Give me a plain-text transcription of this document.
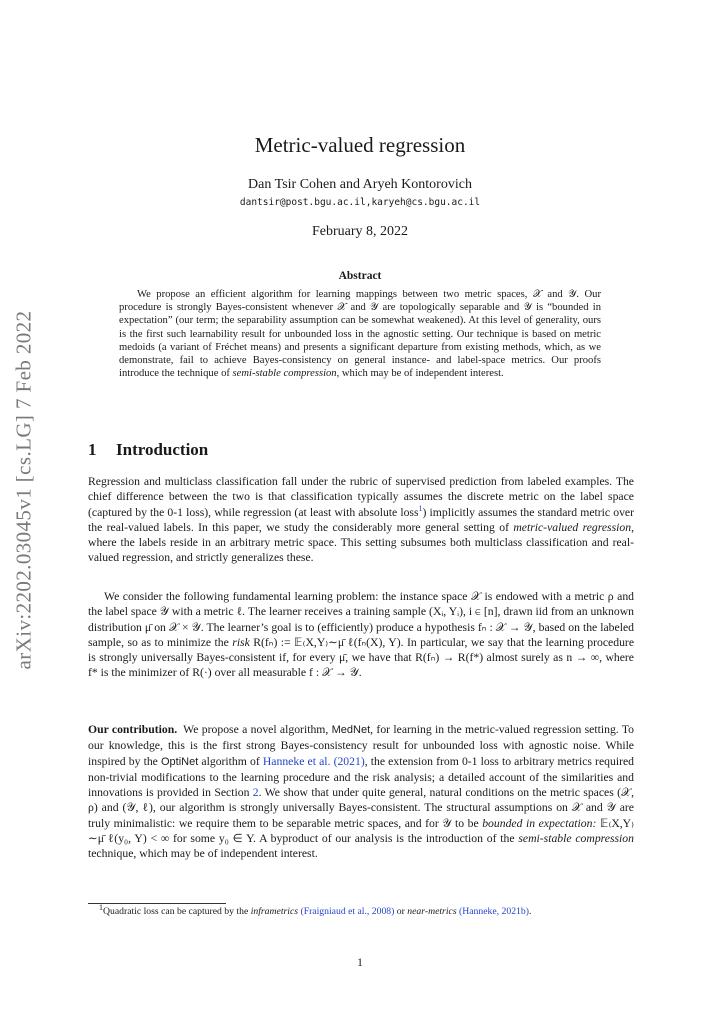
arXiv:2202.03045v1 [cs.LG] 7 Feb 2022
Metric-valued regression
Dan Tsir Cohen and Aryeh Kontorovich
dantsir@post.bgu.ac.il,karyeh@cs.bgu.ac.il
February 8, 2022
Abstract

We propose an efficient algorithm for learning mappings between two metric spaces, 𝒳 and 𝒴. Our procedure is strongly Bayes-consistent whenever 𝒳 and 𝒴 are topologically separable and 𝒴 is “bounded in expectation” (our term; the separability assumption can be somewhat weakened). At this level of generality, ours is the first such learnability result for unbounded loss in the agnostic setting. Our technique is based on metric medoids (a variant of Fréchet means) and presents a significant departure from existing methods, which, as we demonstrate, fail to achieve Bayes-consistency on general instance- and label-space metrics. Our proofs introduce the technique of semi-stable compression, which may be of independent interest.

1 Introduction

Regression and multiclass classification fall under the rubric of supervised prediction from labeled examples. The chief difference between the two is that classification typically assumes the discrete metric on the label space (captured by the 0-1 loss), while regression (at least with absolute loss$^1$) implicitly assumes the standard metric over the real-valued labels. In this paper, we study the considerably more general setting of metric-valued regression, where the labels reside in an arbitrary metric space. This setting subsumes both multiclass classification and real-valued regression, and strictly generalizes these.

We consider the following fundamental learning problem: the instance space 𝒳 is endowed with a metric ρ and the label space 𝒴 with a metric ℓ. The learner receives a training sample (Xᵢ, Yᵢ), i ∈ [n], drawn iid from an unknown distribution μ̄ on 𝒳 × 𝒴. The learner’s goal is to (efficiently) produce a hypothesis fₙ : 𝒳 → 𝒴, based on the labeled sample, so as to minimize the risk R(fₙ) := 𝔼₍X,Y₎∼μ̄ ℓ(fₙ(X), Y). In particular, we say that the learning procedure is strongly universally Bayes-consistent if, for every μ̄, we have that R(fₙ) → R(f*) almost surely as n → ∞, where f* is the minimizer of R(·) over all measurable f : 𝒳 → 𝒴.

Our contribution. We propose a novel algorithm, MedNet, for learning in the metric-valued regression setting. To our knowledge, this is the first strong Bayes-consistency result for unbounded loss with agnostic noise. While inspired by the OptiNet algorithm of Hanneke et al. (2021), the extension from 0-1 loss to arbitrary metrics required non-trivial modifications to the learning procedure and the risk analysis; a detailed account of the similarities and innovations is provided in Section 2. We show that under quite general, natural conditions on the metric spaces (𝒳, ρ) and (𝒴, ℓ), our algorithm is strongly universally Bayes-consistent. The structural assumptions on 𝒳 and 𝒴 are truly minimalistic: we require them to be separable metric spaces, and for 𝒴 to be bounded in expectation: 𝔼₍X,Y₎∼μ̄ ℓ(y₀, Y) < ∞ for some y₀ ∈ Y. A byproduct of our analysis is the introduction of the semi-stable compression technique, which may be of independent interest.

$^1$Quadratic loss can be captured by the inframetrics (Fraigniaud et al., 2008) or near-metrics (Hanneke, 2021b).

1
